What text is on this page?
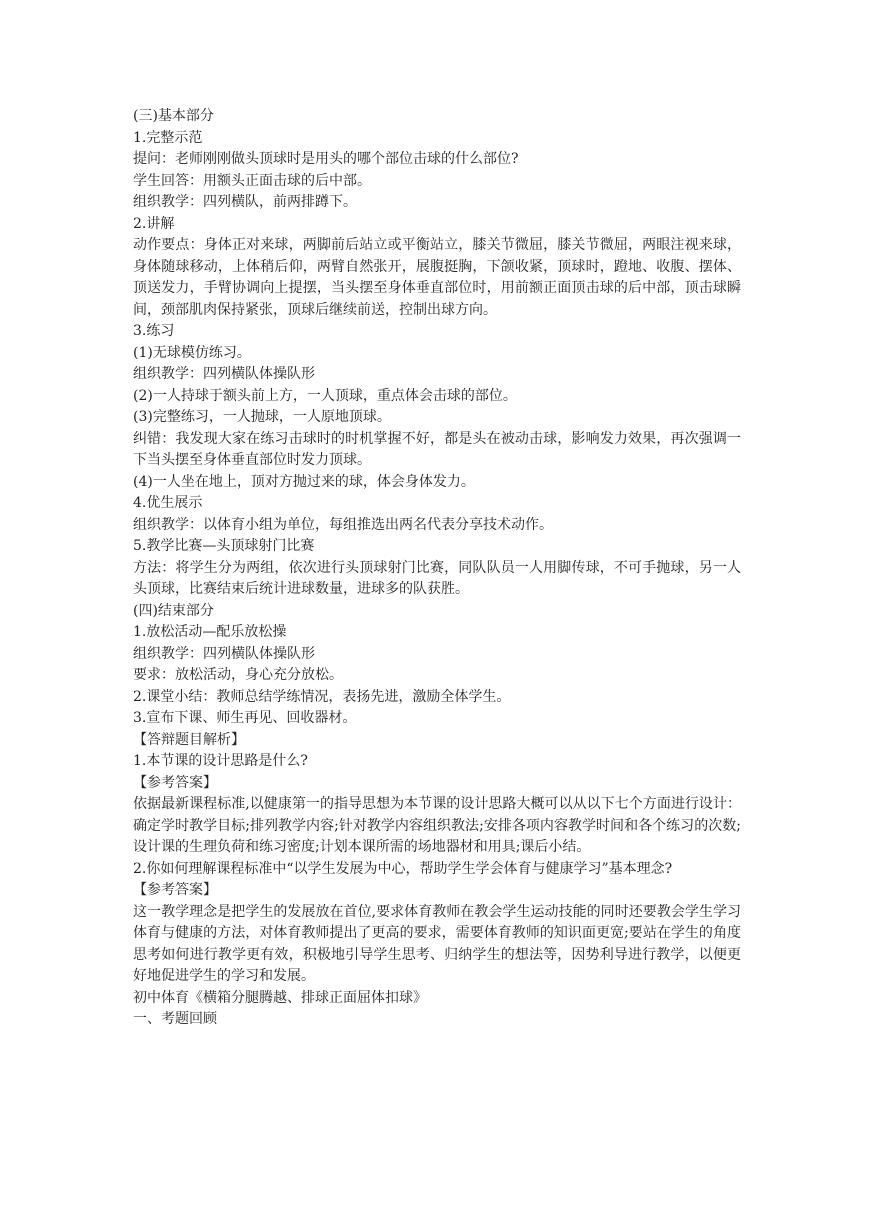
(三)基本部分

1.完整示范

提问：老师刚刚做头顶球时是用头的哪个部位击球的什么部位?

学生回答：用额头正面击球的后中部。

组织教学：四列横队，前两排蹲下。

2.讲解

动作要点：身体正对来球，两脚前后站立或平衡站立，膝关节微屈，膝关节微屈，两眼注视来球，身体随球移动，上体稍后仰，两臂自然张开，展腹挺胸，下颌收紧，顶球时，蹬地、收腹、摆体、顶送发力，手臂协调向上提摆，当头摆至身体垂直部位时，用前额正面顶击球的后中部，顶击球瞬间，颈部肌肉保持紧张，顶球后继续前送，控制出球方向。

3.练习

(1)无球模仿练习。

组织教学：四列横队体操队形

(2)一人持球于额头前上方，一人顶球，重点体会击球的部位。

(3)完整练习，一人抛球，一人原地顶球。

纠错：我发现大家在练习击球时的时机掌握不好，都是头在被动击球，影响发力效果，再次强调一下当头摆至身体垂直部位时发力顶球。

(4)一人坐在地上，顶对方抛过来的球，体会身体发力。

4.优生展示

组织教学：以体育小组为单位，每组推选出两名代表分享技术动作。

5.教学比赛—头顶球射门比赛

方法：将学生分为两组，依次进行头顶球射门比赛，同队队员一人用脚传球，不可手抛球，另一人头顶球，比赛结束后统计进球数量，进球多的队获胜。

(四)结束部分

1.放松活动—配乐放松操

组织教学：四列横队体操队形

要求：放松活动，身心充分放松。

2.课堂小结：教师总结学练情况，表扬先进，激励全体学生。

3.宣布下课、师生再见、回收器材。

【答辩题目解析】

1.本节课的设计思路是什么?

【参考答案】

依据最新课程标准,以健康第一的指导思想为本节课的设计思路大概可以从以下七个方面进行设计：确定学时教学目标;排列教学内容;针对教学内容组织教法;安排各项内容教学时间和各个练习的次数;设计课的生理负荷和练习密度;计划本课所需的场地器材和用具;课后小结。

2.你如何理解课程标准中“以学生发展为中心，帮助学生学会体育与健康学习”基本理念?

【参考答案】

这一教学理念是把学生的发展放在首位,要求体育教师在教会学生运动技能的同时还要教会学生学习体育与健康的方法，对体育教师提出了更高的要求，需要体育教师的知识面更宽;要站在学生的角度思考如何进行教学更有效，积极地引导学生思考、归纳学生的想法等，因势利导进行教学，以便更好地促进学生的学习和发展。

初中体育《横箱分腿腾越、排球正面屈体扣球》

一、考题回顾
